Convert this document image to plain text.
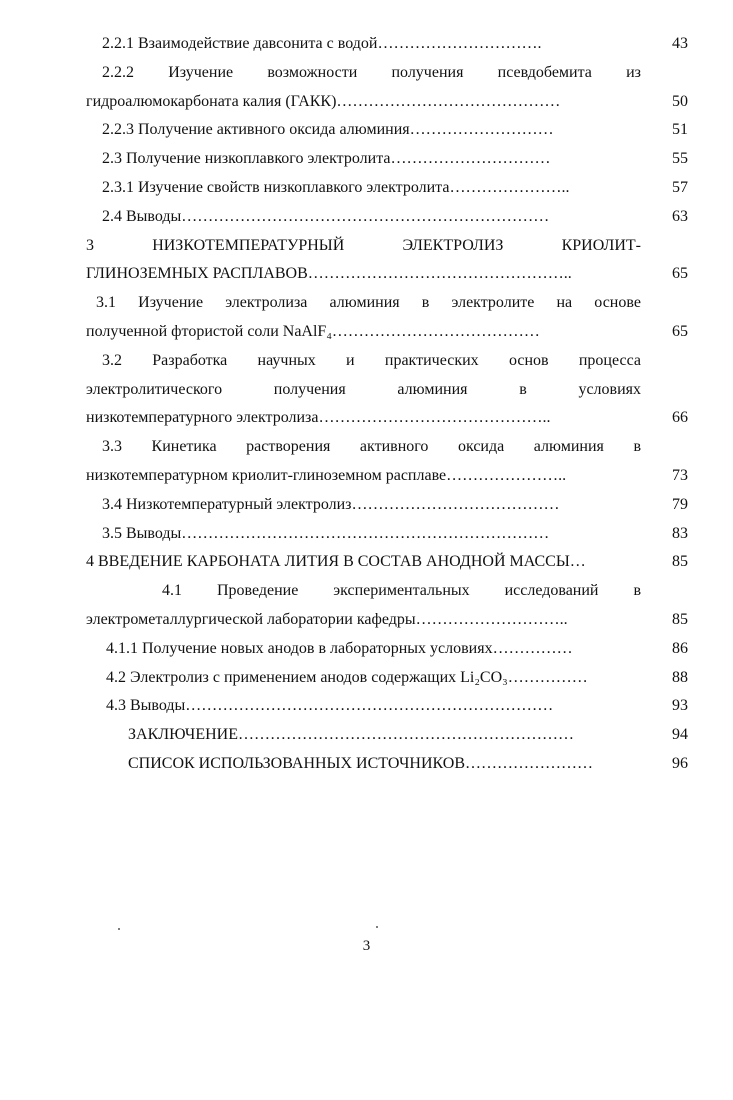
2.2.1 Взаимодействие давсонита с водой………………………….	43
2.2.2 Изучение возможности получения псевдобемита из
гидроалюмокарбоната калия (ГАКК)……………………………………	50
2.2.3 Получение активного оксида алюминия………………………	51
2.3 Получение низкоплавкого электролита…………………………	55
2.3.1 Изучение свойств низкоплавкого электролита…………………..	57
2.4 Выводы……………………………………………………………	63
3	НИЗКОТЕМПЕРАТУРНЫЙ	ЭЛЕКТРОЛИЗ	КРИОЛИТ-
ГЛИНОЗЕМНЫХ РАСПЛАВОВ…………………………………………..	65
3.1 Изучение электролиза алюминия в электролите на основе
полученной фтористой соли NaAlF₄…………………………………	65
3.2 Разработка научных и практических основ процесса
электролитического	получения	алюминия	в	условиях
низкотемпературного электролиза……………………………………..	66
3.3 Кинетика растворения активного оксида алюминия в
низкотемпературном криолит-глиноземном расплаве…………………..	73
3.4 Низкотемпературный электролиз…………………………………	79
3.5 Выводы……………………………………………………………	83
4 ВВЕДЕНИЕ КАРБОНАТА ЛИТИЯ В СОСТАВ АНОДНОЙ МАССЫ…	85
4.1 Проведение экспериментальных исследований в
электрометаллургической лаборатории кафедры………………………..	85
4.1.1 Получение новых анодов в лабораторных условиях……………	86
4.2 Электролиз с применением анодов содержащих Li₂CO₃……………	88
4.3 Выводы……………………………………………………………	93
ЗАКЛЮЧЕНИЕ………………………………………………………	94
СПИСОК ИСПОЛЬЗОВАННЫХ ИСТОЧНИКОВ……………………	96
3
